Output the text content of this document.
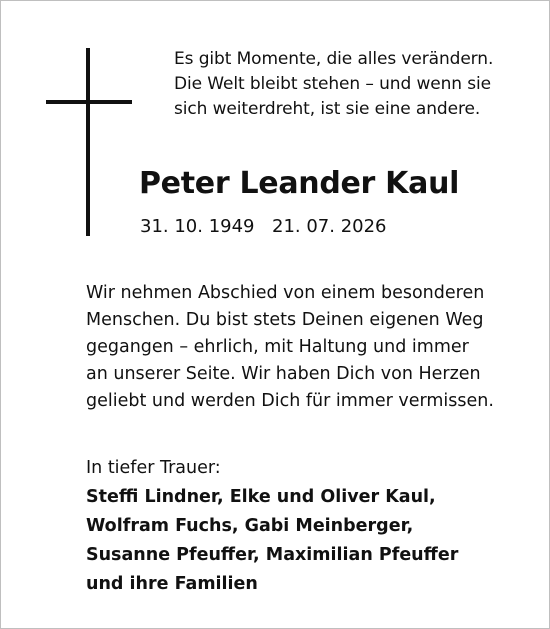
Es gibt Momente, die alles verändern.
Die Welt bleibt stehen – und wenn sie
sich weiterdreht, ist sie eine andere.
Peter Leander Kaul
31. 10. 1949 21. 07. 2026
Wir nehmen Abschied von einem besonderen
Menschen. Du bist stets Deinen eigenen Weg
gegangen – ehrlich, mit Haltung und immer
an unserer Seite. Wir haben Dich von Herzen
geliebt und werden Dich für immer vermissen.
In tiefer Trauer:
Steffi Lindner, Elke und Oliver Kaul,
Wolfram Fuchs, Gabi Meinberger,
Susanne Pfeuffer, Maximilian Pfeuffer
und ihre Familien
